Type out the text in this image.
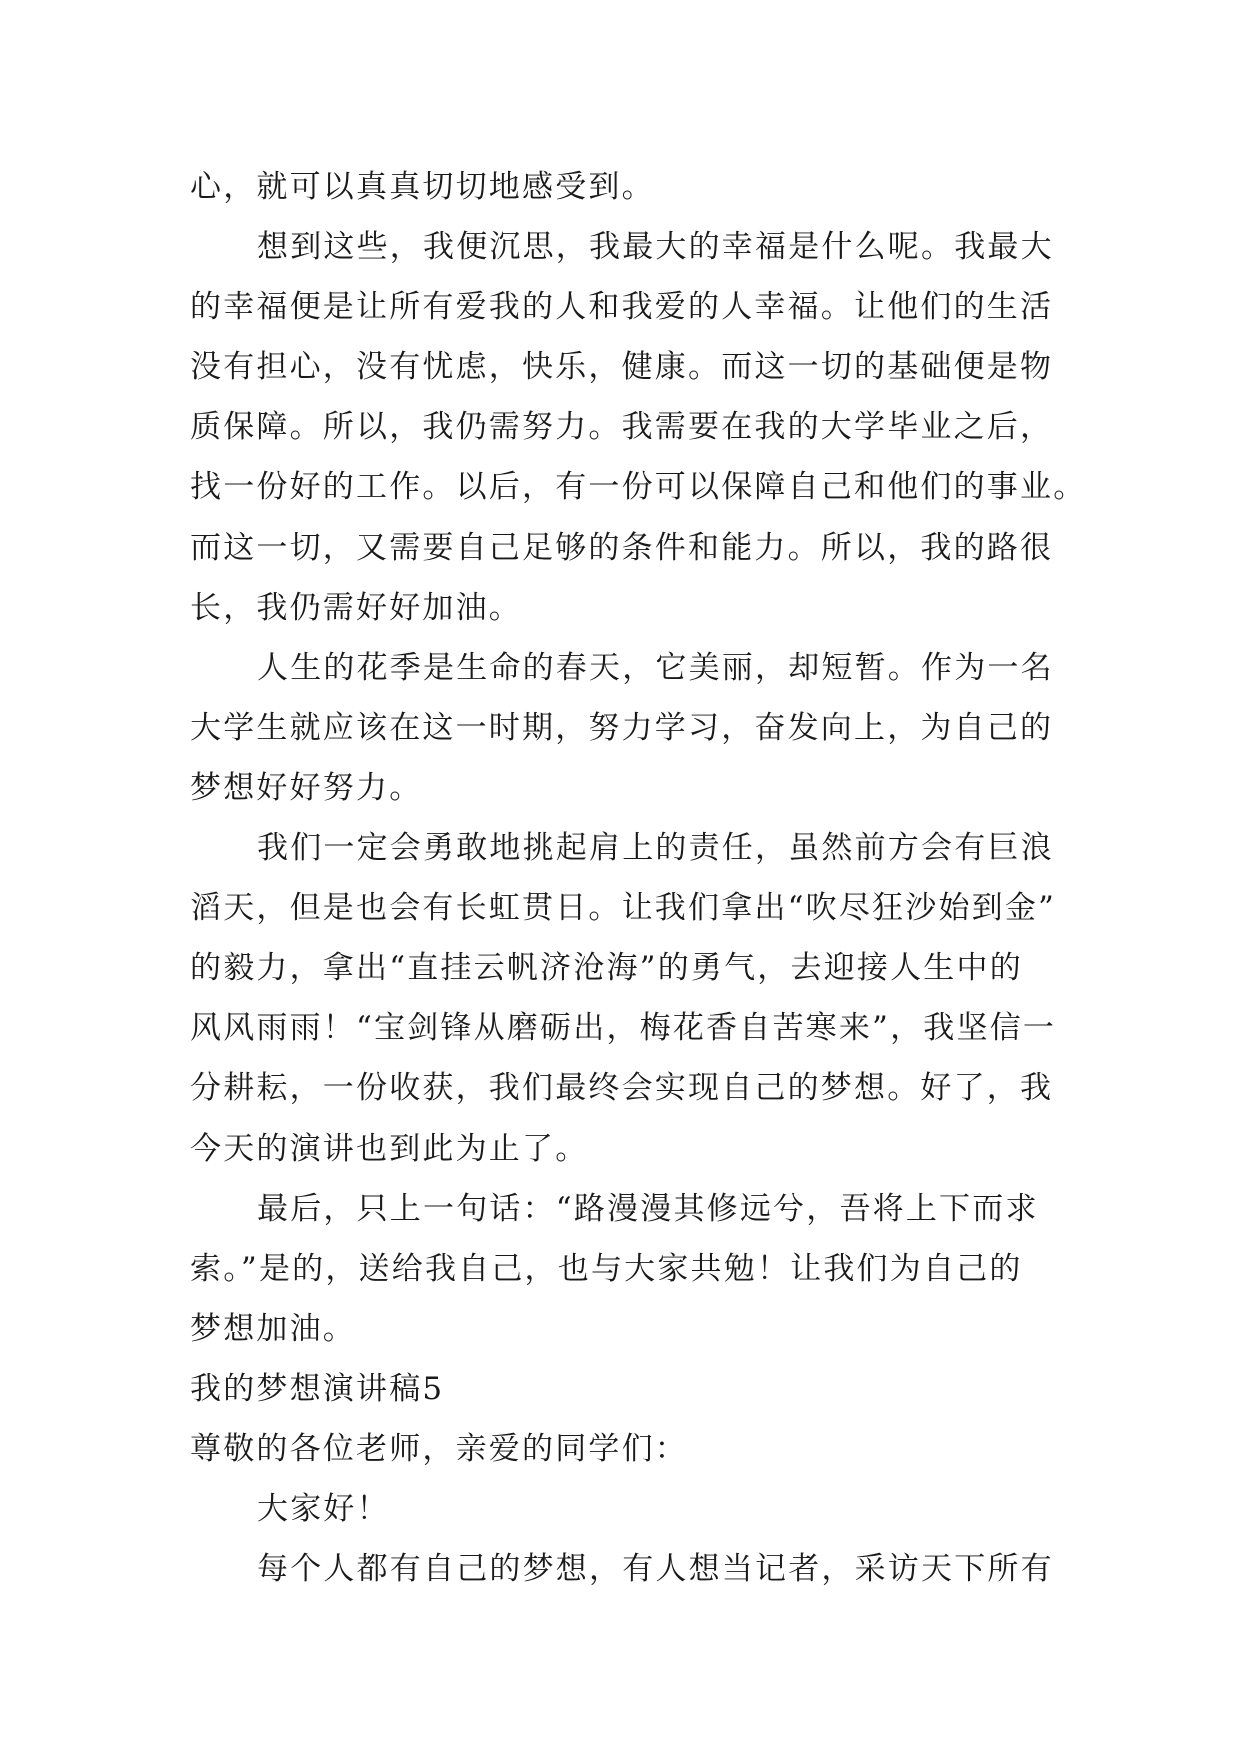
心，就可以真真切切地感受到。
想到这些，我便沉思，我最大的幸福是什么呢。我最大
的幸福便是让所有爱我的人和我爱的人幸福。让他们的生活
没有担心，没有忧虑，快乐，健康。而这一切的基础便是物
质保障。所以，我仍需努力。我需要在我的大学毕业之后，
找一份好的工作。以后，有一份可以保障自己和他们的事业。
而这一切，又需要自己足够的条件和能力。所以，我的路很
长，我仍需好好加油。
人生的花季是生命的春天，它美丽，却短暂。作为一名
大学生就应该在这一时期，努力学习，奋发向上，为自己的
梦想好好努力。
我们一定会勇敢地挑起肩上的责任，虽然前方会有巨浪
滔天，但是也会有长虹贯日。让我们拿出“吹尽狂沙始到金”
的毅力，拿出“直挂云帆济沧海”的勇气，去迎接人生中的
风风雨雨！“宝剑锋从磨砺出，梅花香自苦寒来”，我坚信一
分耕耘，一份收获，我们最终会实现自己的梦想。好了，我
今天的演讲也到此为止了。
最后，只上一句话：“路漫漫其修远兮，吾将上下而求
索。”是的，送给我自己，也与大家共勉！让我们为自己的
梦想加油。
我的梦想演讲稿5
尊敬的各位老师，亲爱的同学们：
大家好！
每个人都有自己的梦想，有人想当记者，采访天下所有
